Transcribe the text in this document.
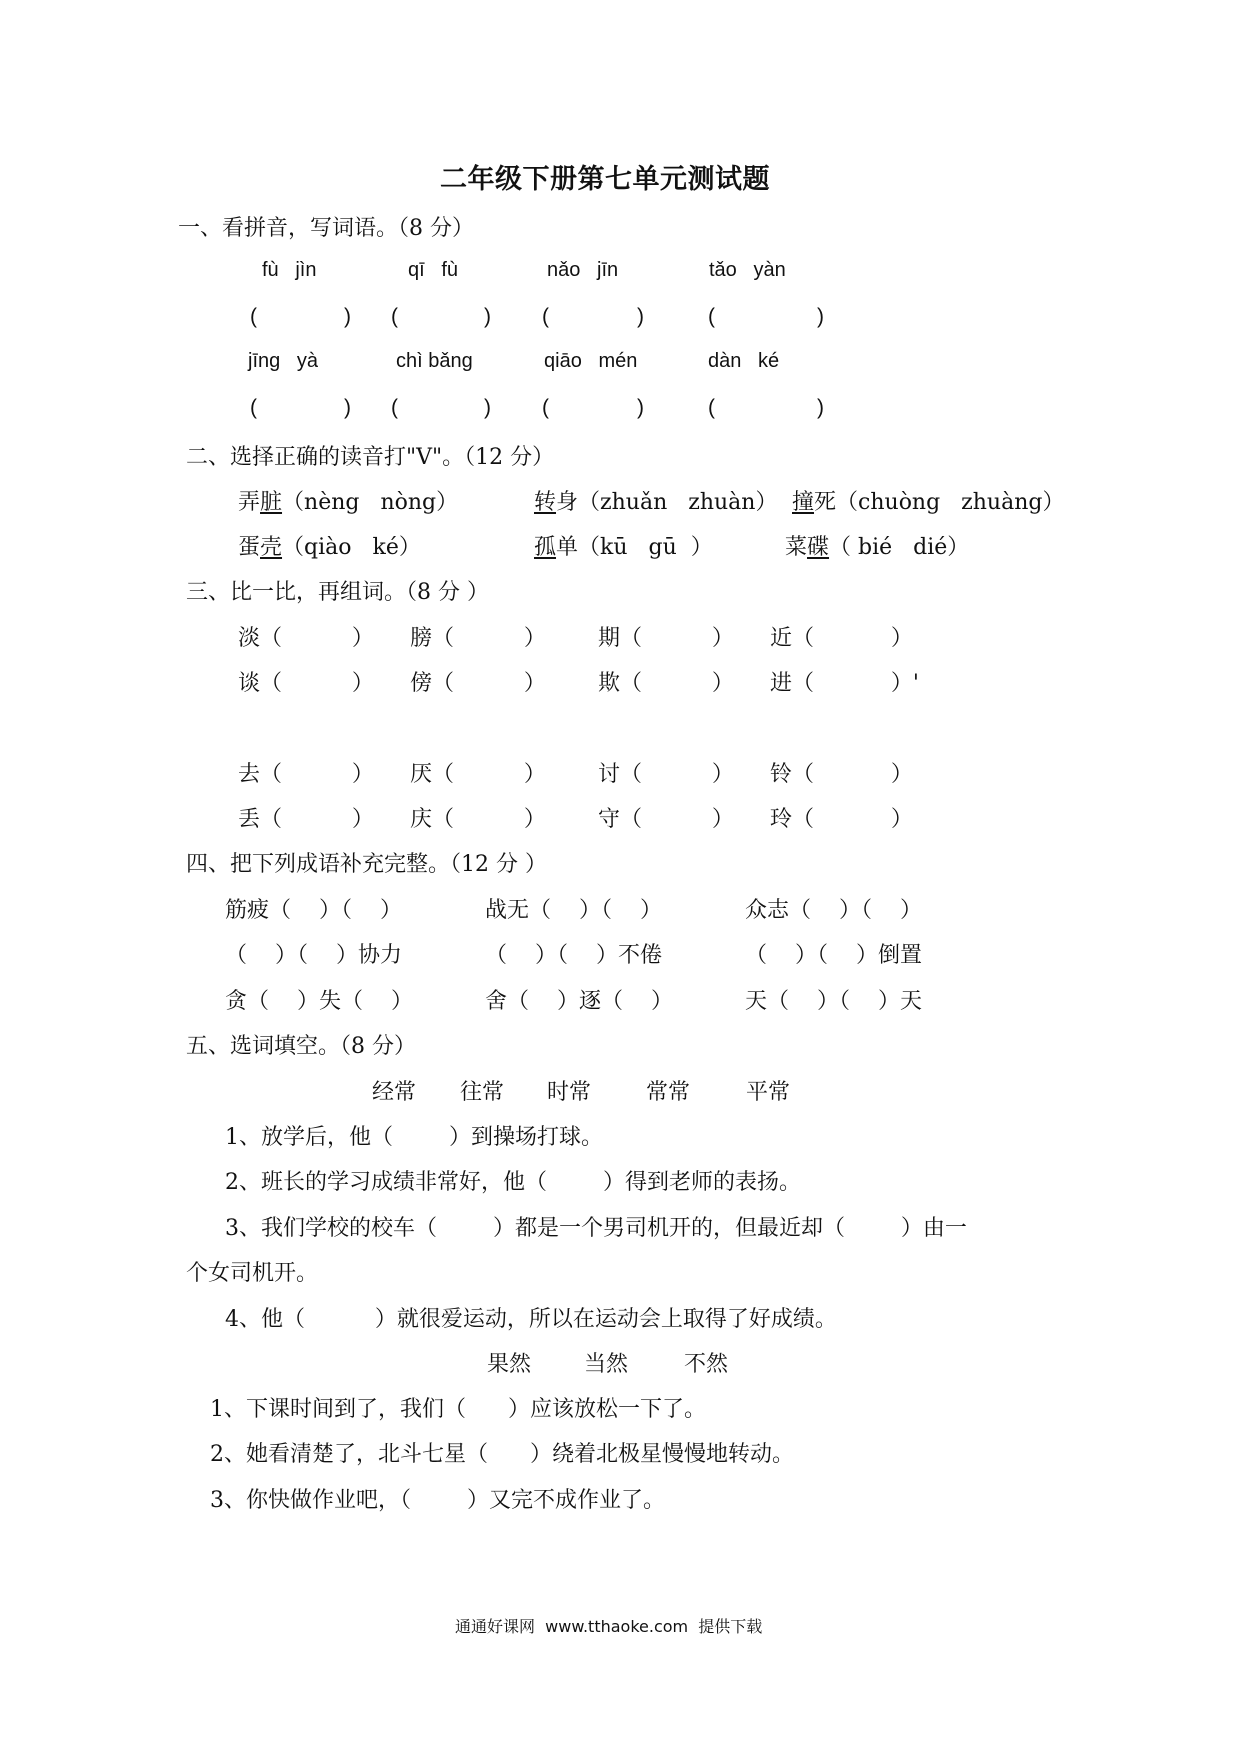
二年级下册第七单元测试题
一、看拼音，写词语。（8 分）
fù   jìn	qī   fù	nǎo   jīn	tǎo   yàn
(	) (	) (	)	(	)
jīng   yà	chì bǎng	qiāo   mén	dàn   ké
(	) (	) (	)	(	)
二、选择正确的读音打"V"。（12 分）
弄脏（nèng   nòng）	转身（zhuǎn   zhuàn） 撞死（chuòng   zhuàng）
蛋壳（qiào   ké）	孤单（kū   gū  ）	菜碟（ bié   dié）
三、比一比，再组词。（8 分 ）
淡（          ） 膀（          ） 期（          ） 近（           ）
谈（          ） 傍（          ） 欺（          ） 进（           ）'
去（          ） 厌（          ） 讨（          ） 铃（           ）
丢（          ） 庆（          ） 守（          ） 玲（           ）
四、把下列成语补充完整。（12 分 ）
筋疲（    ）（    ）	战无（    ）（    ）	众志（    ）（    ）
（    ）（    ）协力	（    ）（    ）不倦	（    ）（    ）倒置
贪（    ）失（    ）	舍（    ）逐（    ）	天（    ）（    ）天
五、选词填空。（8 分）
经常 往常 时常 常常	平常
1、放学后，他（        ）到操场打球。
2、班长的学习成绩非常好，他（        ）得到老师的表扬。
3、我们学校的校车（        ）都是一个男司机开的，但最近却（        ）由一
个女司机开。
4、他（          ）就很爱运动，所以在运动会上取得了好成绩。
果然 当然	不然
1、下课时间到了，我们（      ）应该放松一下了。
2、她看清楚了，北斗七星（      ）绕着北极星慢慢地转动。
3、你快做作业吧，（        ）又完不成作业了。
通通好课网  www.tthaoke.com  提供下载
